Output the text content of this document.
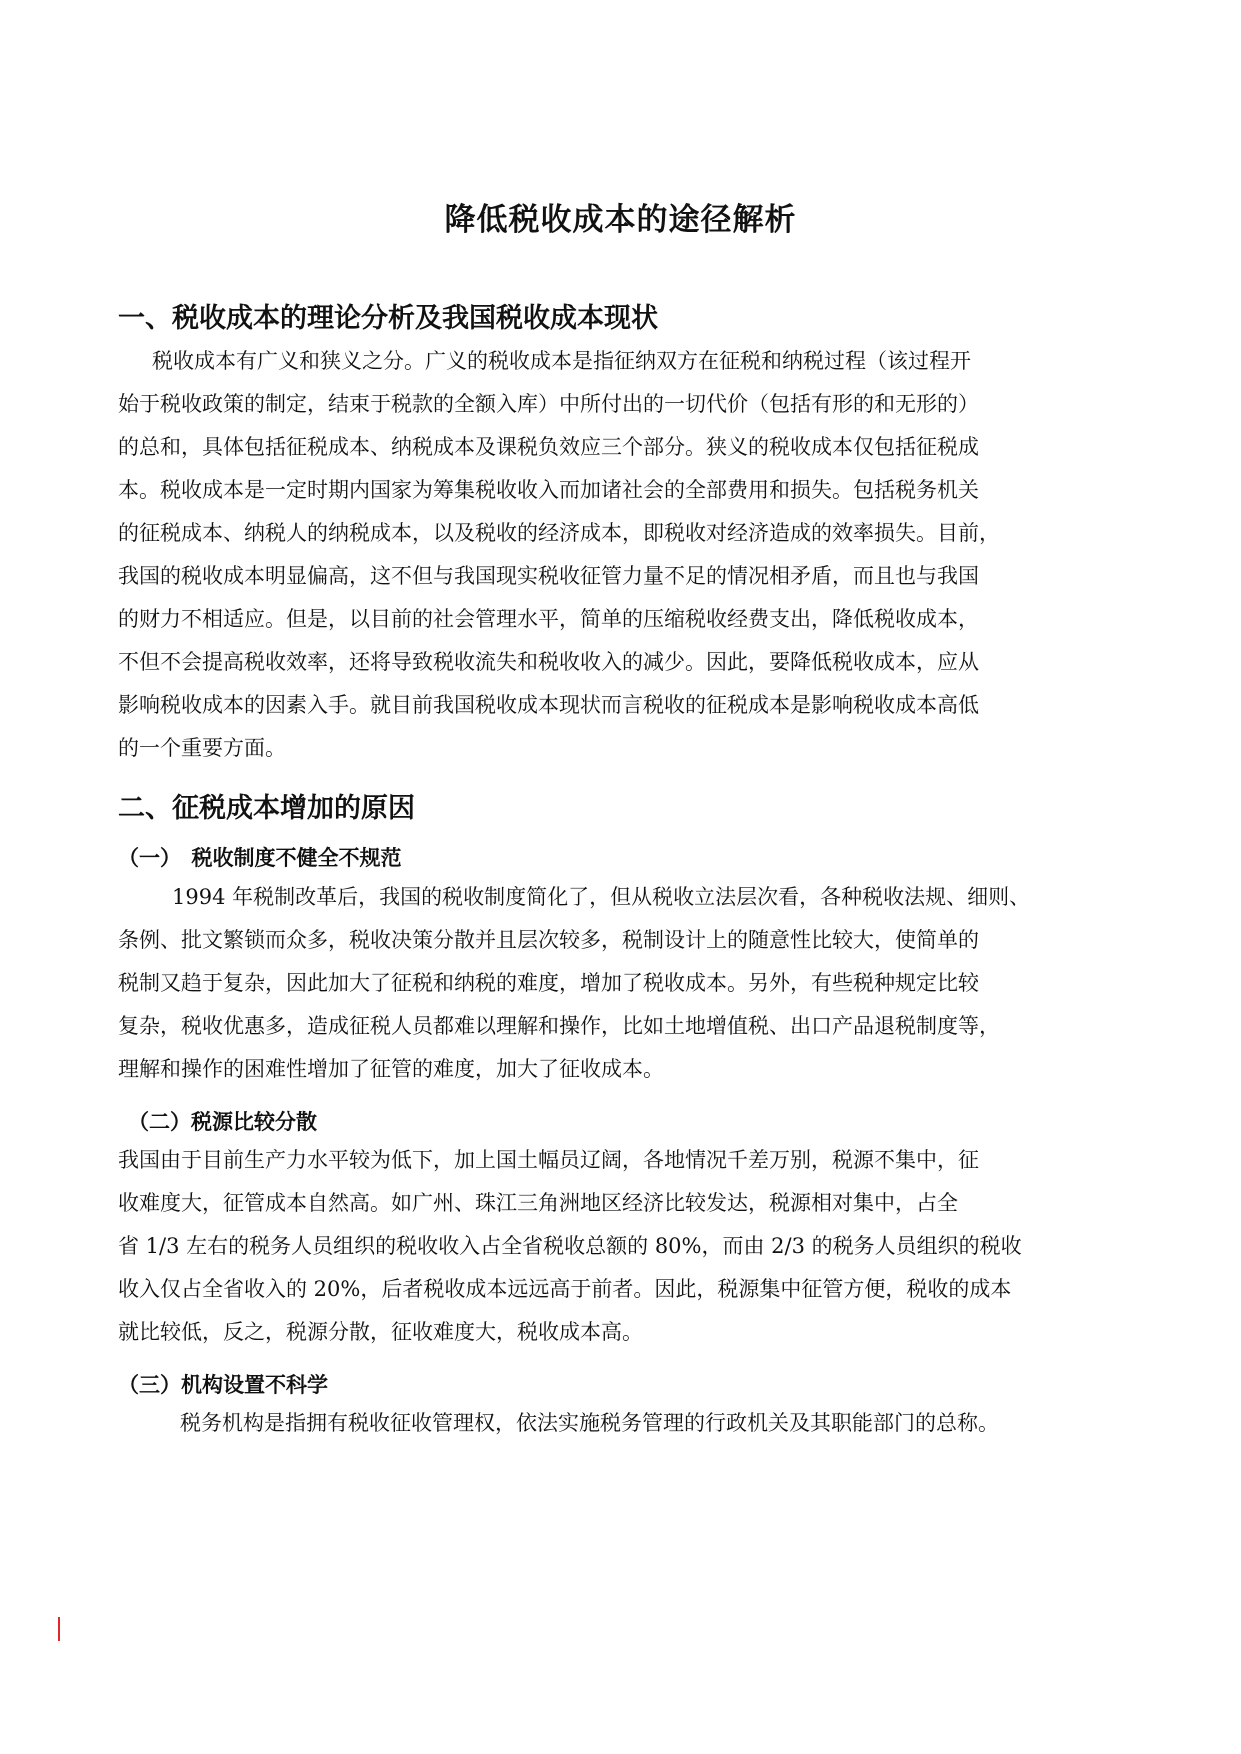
降低税收成本的途径解析
一、税收成本的理论分析及我国税收成本现状

税收成本有广义和狭义之分。广义的税收成本是指征纳双方在征税和纳税过程（该过程开

始于税收政策的制定，结束于税款的全额入库）中所付出的一切代价（包括有形的和无形的）

的总和，具体包括征税成本、纳税成本及课税负效应三个部分。狭义的税收成本仅包括征税成

本。税收成本是一定时期内国家为筹集税收收入而加诸社会的全部费用和损失。包括税务机关

的征税成本、纳税人的纳税成本，以及税收的经济成本，即税收对经济造成的效率损失。目前，

我国的税收成本明显偏高，这不但与我国现实税收征管力量不足的情况相矛盾，而且也与我国

的财力不相适应。但是，以目前的社会管理水平，简单的压缩税收经费支出，降低税收成本，

不但不会提高税收效率，还将导致税收流失和税收收入的减少。因此，要降低税收成本，应从

影响税收成本的因素入手。就目前我国税收成本现状而言税收的征税成本是影响税收成本高低

的一个重要方面。

二、征税成本增加的原因
（一）　税收制度不健全不规范

1994 年税制改革后，我国的税收制度简化了，但从税收立法层次看，各种税收法规、细则、

条例、批文繁锁而众多，税收决策分散并且层次较多，税制设计上的随意性比较大，使简单的

税制又趋于复杂，因此加大了征税和纳税的难度，增加了税收成本。另外，有些税种规定比较

复杂，税收优惠多，造成征税人员都难以理解和操作，比如土地增值税、出口产品退税制度等，

理解和操作的困难性增加了征管的难度，加大了征收成本。

（二）税源比较分散

我国由于目前生产力水平较为低下，加上国土幅员辽阔，各地情况千差万别，税源不集中，征

收难度大，征管成本自然高。如广州、珠江三角洲地区经济比较发达，税源相对集中，占全

省 1/3 左右的税务人员组织的税收收入占全省税收总额的 80%，而由 2/3 的税务人员组织的税收

收入仅占全省收入的 20%，后者税收成本远远高于前者。因此，税源集中征管方便，税收的成本

就比较低，反之，税源分散，征收难度大，税收成本高。

（三）机构设置不科学

税务机构是指拥有税收征收管理权，依法实施税务管理的行政机关及其职能部门的总称。
